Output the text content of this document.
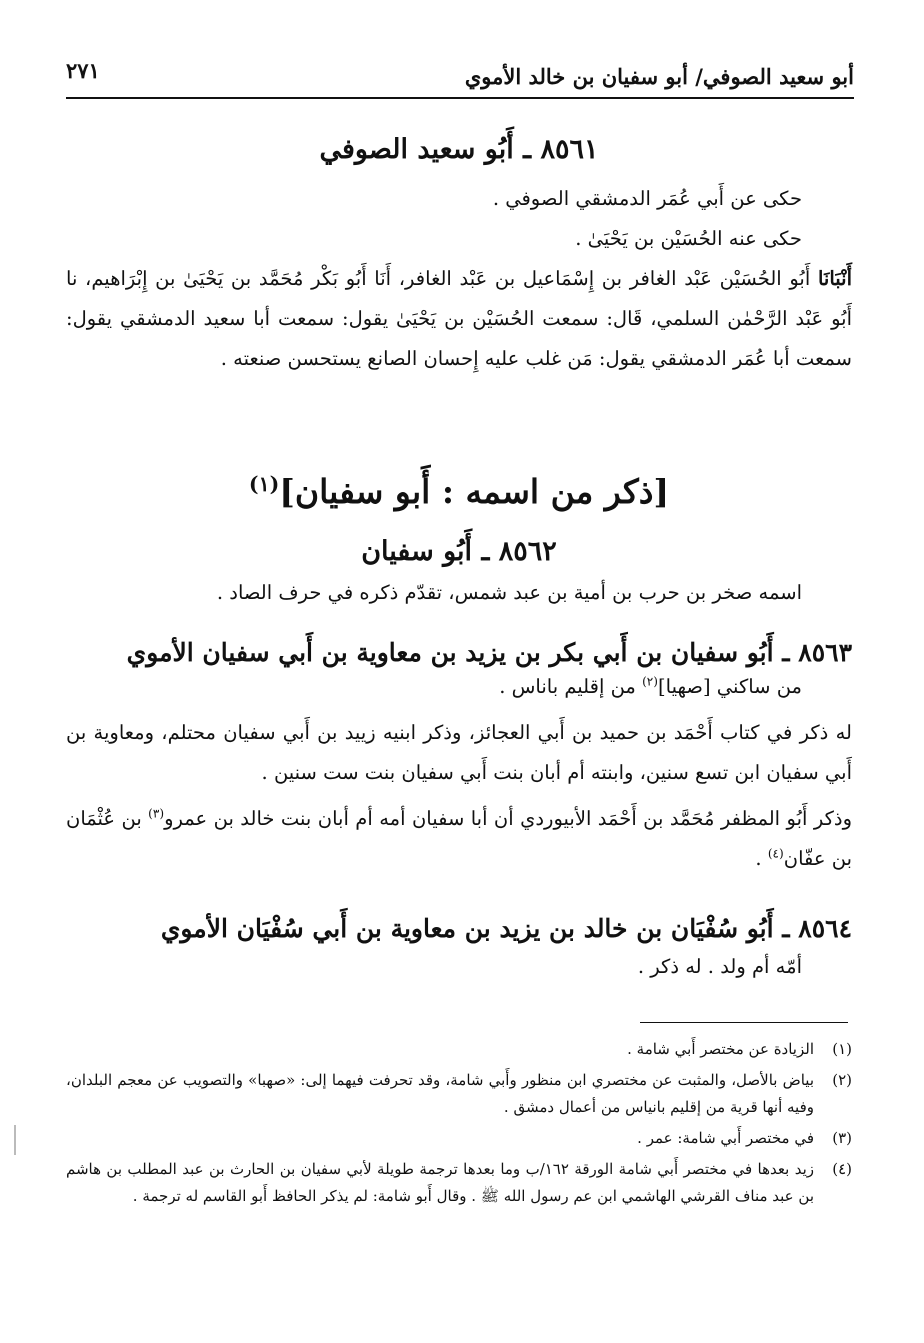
أبو سعيد الصوفي/ أبو سفيان بن خالد الأموي
٢٧١
٨٥٦١ ـ أَبُو سعيد الصوفي
حكى عن أَبي عُمَر الدمشقي الصوفي .
حكى عنه الحُسَيْن بن يَحْيَىٰ .
أَنْبَانَا أَبُو الحُسَيْن عَبْد الغافر بن إِسْمَاعيل بن عَبْد الغافر، أَنَا أَبُو بَكْر مُحَمَّد بن يَحْيَىٰ بن إِبْرَاهيم، نا أَبُو عَبْد الرَّحْمٰن السلمي، قَال: سمعت الحُسَيْن بن يَحْيَىٰ يقول: سمعت أبا سعيد الدمشقي يقول: سمعت أبا عُمَر الدمشقي يقول: مَن غلب عليه إِحسان الصانع يستحسن صنعته .
[ذكر من اسمه : أَبو سفيان]$^{(١)}$
٨٥٦٢ ـ أَبُو سفيان
اسمه صخر بن حرب بن أمية بن عبد شمس، تقدّم ذكره في حرف الصاد .
٨٥٦٣ ـ أَبُو سفيان بن أَبي بكر بن يزيد بن معاوية بن أَبي سفيان الأموي
من ساكني [صهيا]$^{(٢)}$ من إقليم باناس .
له ذكر في كتاب أَحْمَد بن حميد بن أَبي العجائز، وذكر ابنيه زييد بن أَبي سفيان محتلم، ومعاوية بن أَبي سفيان ابن تسع سنين، وابنته أم أبان بنت أَبي سفيان بنت ست سنين .
وذكر أَبُو المظفر مُحَمَّد بن أَحْمَد الأبيوردي أن أبا سفيان أمه أم أبان بنت خالد بن عمرو$^{(٣)}$ بن عُثْمَان بن عفّان$^{(٤)}$ .
٨٥٦٤ ـ أَبُو سُفْيَان بن خالد بن يزيد بن معاوية بن أَبي سُفْيَان الأموي
أمّه أم ولد . له ذكر .
(١)
الزيادة عن مختصر أَبي شامة .
(٢)
بياض بالأصل، والمثبت عن مختصري ابن منظور وأَبي شامة، وقد تحرفت فيهما إلى: «صهبا» والتصويب عن معجم البلدان، وفيه أنها قرية من إقليم بانياس من أعمال دمشق .
(٣)
في مختصر أَبي شامة: عمر .
(٤)
زيد بعدها في مختصر أَبي شامة الورقة ١٦٢/ب وما بعدها ترجمة طويلة لأبي سفيان بن الحارث بن عبد المطلب بن هاشم بن عبد مناف القرشي الهاشمي ابن عم رسول الله ﷺ . وقال أَبو شامة: لم يذكر الحافظ أَبو القاسم له ترجمة .
